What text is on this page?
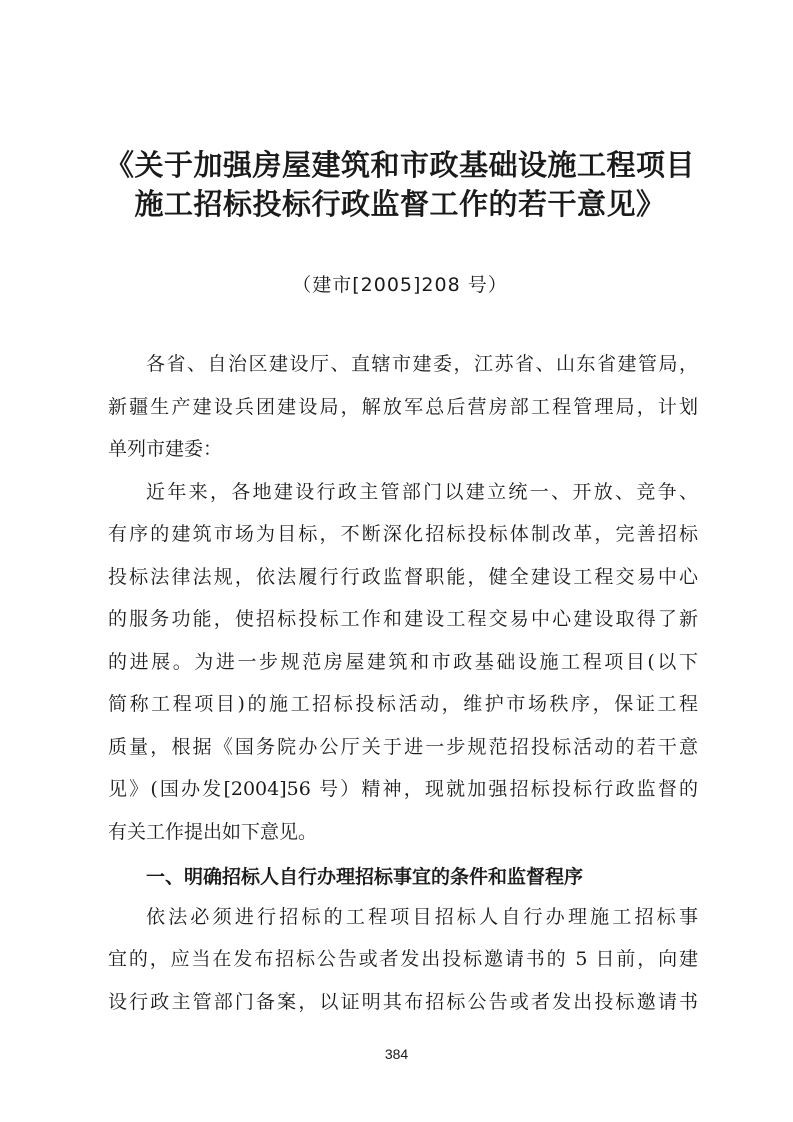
《关于加强房屋建筑和市政基础设施工程项目
施工招标投标行政监督工作的若干意见》
（建市[2005]208 号）
各省、自治区建设厅、直辖市建委，江苏省、山东省建管局，
新疆生产建设兵团建设局，解放军总后营房部工程管理局，计划
单列市建委：
近年来，各地建设行政主管部门以建立统一、开放、竞争、
有序的建筑市场为目标，不断深化招标投标体制改革，完善招标
投标法律法规，依法履行行政监督职能，健全建设工程交易中心
的服务功能，使招标投标工作和建设工程交易中心建设取得了新
的进展。为进一步规范房屋建筑和市政基础设施工程项目(以下
简称工程项目)的施工招标投标活动，维护市场秩序，保证工程
质量，根据《国务院办公厅关于进一步规范招投标活动的若干意
见》(国办发[2004]56 号）精神，现就加强招标投标行政监督的
有关工作提出如下意见。
一、明确招标人自行办理招标事宜的条件和监督程序
依法必须进行招标的工程项目招标人自行办理施工招标事
宜的，应当在发布招标公告或者发出投标邀请书的 5 日前，向建
设行政主管部门备案，以证明其布招标公告或者发出投标邀请书
384
